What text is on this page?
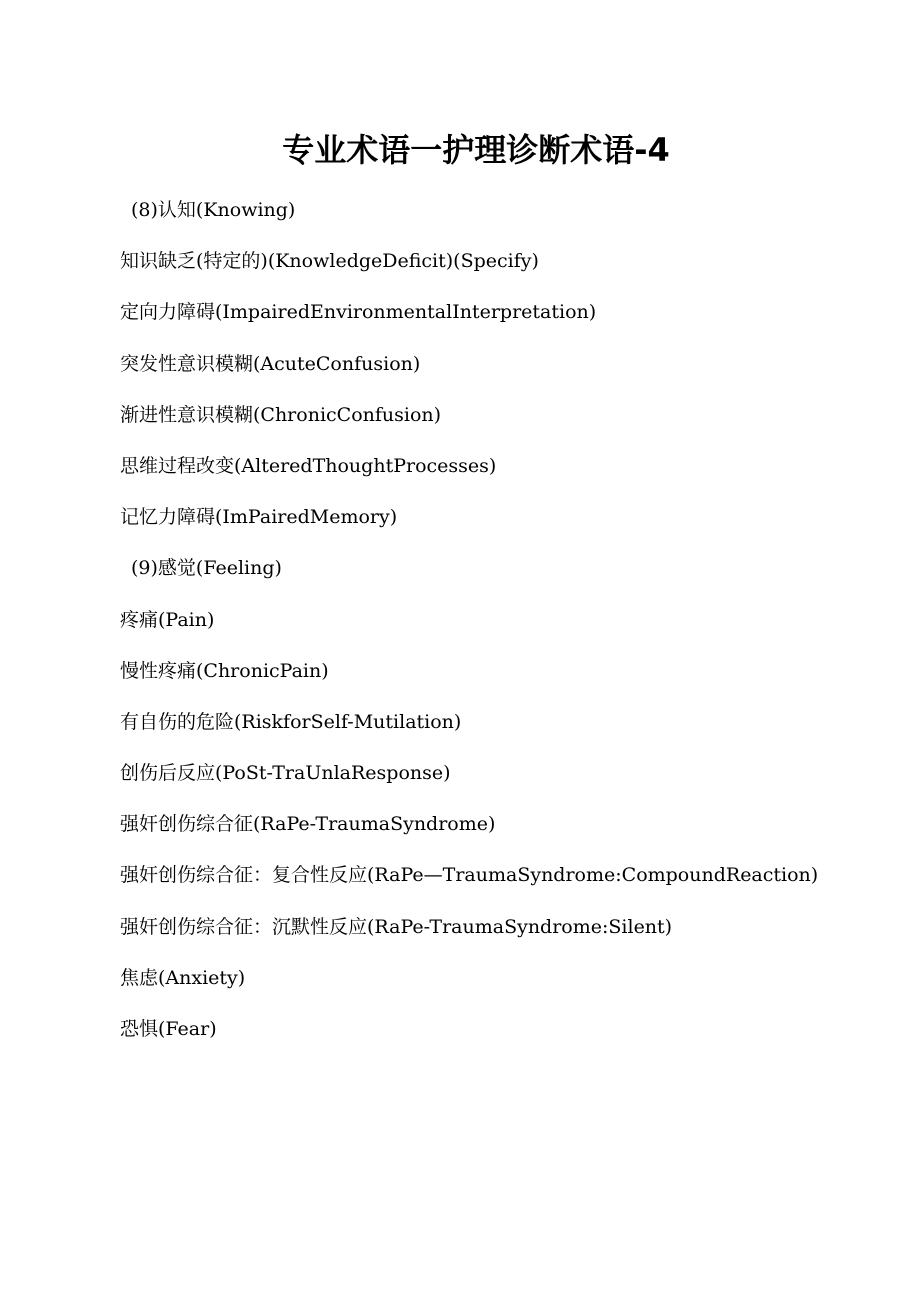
专业术语一护理诊断术语-4
(8)认知(Knowing)
知识缺乏(特定的)(KnowledgeDeficit)(Specify)
定向力障碍(ImpairedEnvironmentalInterpretation)
突发性意识模糊(AcuteConfusion)
渐进性意识模糊(ChronicConfusion)
思维过程改变(AlteredThoughtProcesses)
记忆力障碍(ImPairedMemory)
(9)感觉(Feeling)
疼痛(Pain)
慢性疼痛(ChronicPain)
有自伤的危险(RiskforSelf-Mutilation)
创伤后反应(PoSt-TraUnlaResponse)
强奸创伤综合征(RaPe-TraumaSyndrome)
强奸创伤综合征：复合性反应(RaPe—TraumaSyndrome:CompoundReaction)
强奸创伤综合征：沉默性反应(RaPe-TraumaSyndrome:Silent)
焦虑(Anxiety)
恐惧(Fear)
